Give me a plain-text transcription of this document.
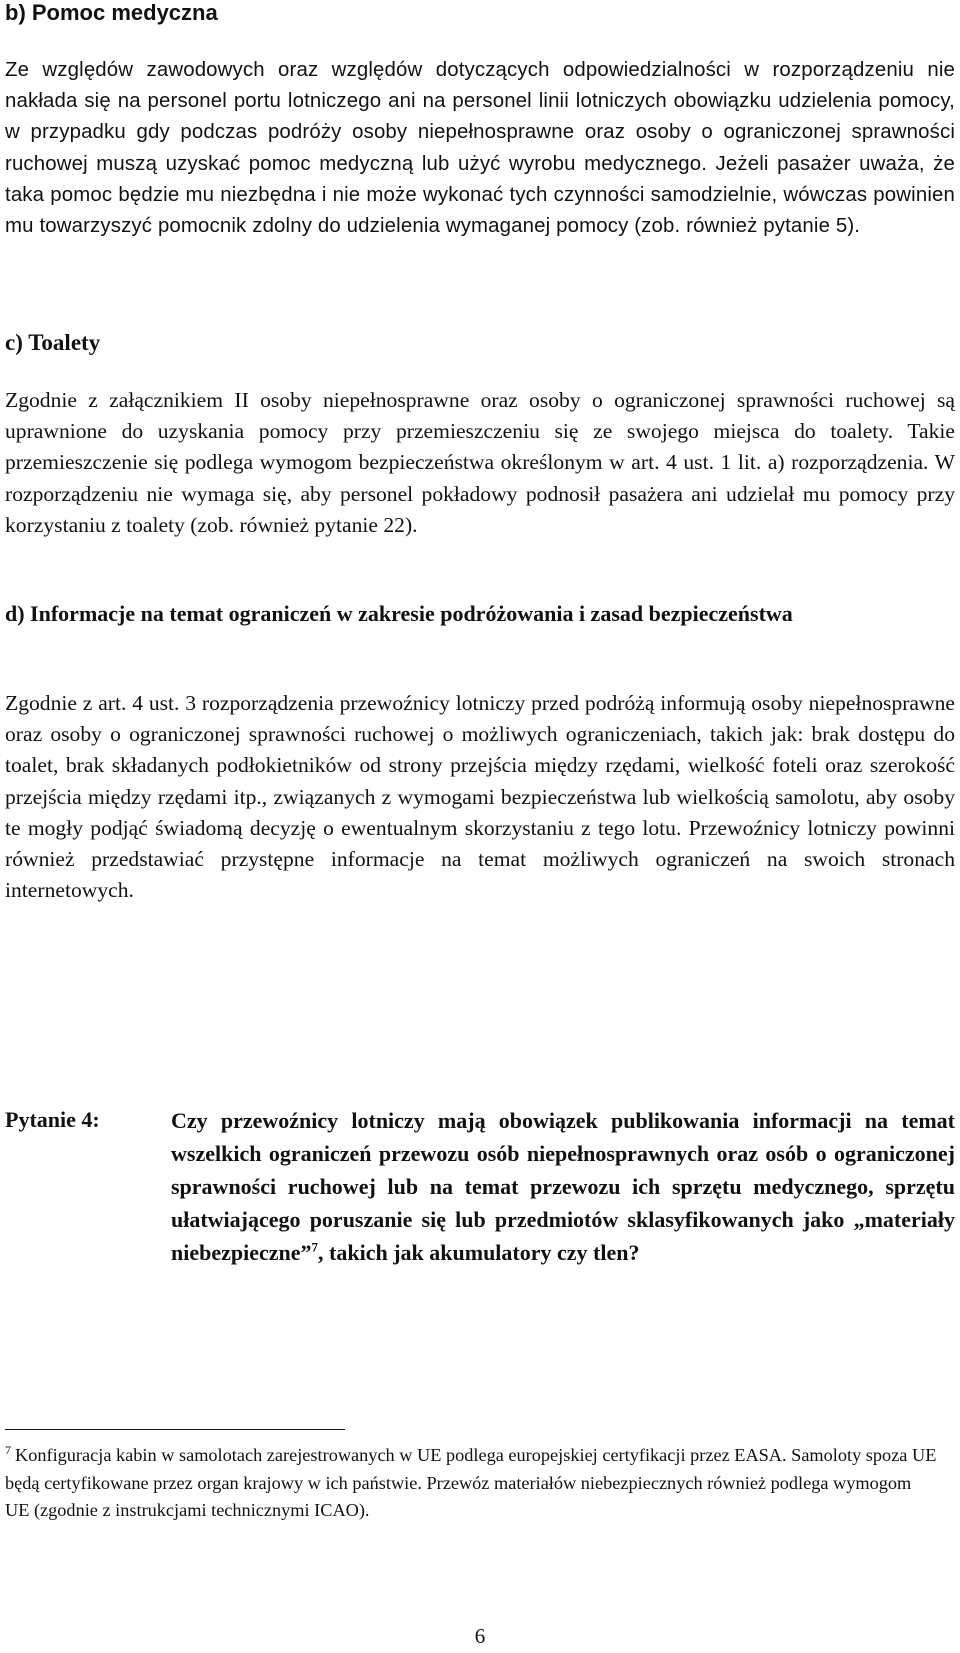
b) Pomoc medyczna

Ze względów zawodowych oraz względów dotyczących odpowiedzialności w rozporządzeniu nie nakłada się na personel portu lotniczego ani na personel linii lotniczych obowiązku udzielenia pomocy, w przypadku gdy podczas podróży osoby niepełnosprawne oraz osoby o ograniczonej sprawności ruchowej muszą uzyskać pomoc medyczną lub użyć wyrobu medycznego. Jeżeli pasażer uważa, że taka pomoc będzie mu niezbędna i nie może wykonać tych czynności samodzielnie, wówczas powinien mu towarzyszyć pomocnik zdolny do udzielenia wymaganej pomocy (zob. również pytanie 5).

c) Toalety

Zgodnie z załącznikiem II osoby niepełnosprawne oraz osoby o ograniczonej sprawności ruchowej są uprawnione do uzyskania pomocy przy przemieszczeniu się ze swojego miejsca do toalety. Takie przemieszczenie się podlega wymogom bezpieczeństwa określonym w art. 4 ust. 1 lit. a) rozporządzenia. W rozporządzeniu nie wymaga się, aby personel pokładowy podnosił pasażera ani udzielał mu pomocy przy korzystaniu z toalety (zob. również pytanie 22).

d) Informacje na temat ograniczeń w zakresie podróżowania i zasad bezpieczeństwa

Zgodnie z art. 4 ust. 3 rozporządzenia przewoźnicy lotniczy przed podróżą informują osoby niepełnosprawne oraz osoby o ograniczonej sprawności ruchowej o możliwych ograniczeniach, takich jak: brak dostępu do toalet, brak składanych podłokietników od strony przejścia między rzędami, wielkość foteli oraz szerokość przejścia między rzędami itp., związanych z wymogami bezpieczeństwa lub wielkością samolotu, aby osoby te mogły podjąć świadomą decyzję o ewentualnym skorzystaniu z tego lotu. Przewoźnicy lotniczy powinni również przedstawiać przystępne informacje na temat możliwych ograniczeń na swoich stronach internetowych.

Pytanie 4:	Czy przewoźnicy lotniczy mają obowiązek publikowania informacji na temat wszelkich ograniczeń przewozu osób niepełnosprawnych oraz osób o ograniczonej sprawności ruchowej lub na temat przewozu ich sprzętu medycznego, sprzętu ułatwiającego poruszanie się lub przedmiotów sklasyfikowanych jako „materiały niebezpieczne”$^7$, takich jak akumulatory czy tlen?

$^7$ Konfiguracja kabin w samolotach zarejestrowanych w UE podlega europejskiej certyfikacji przez EASA. Samoloty spoza UE będą certyfikowane przez organ krajowy w ich państwie. Przewóz materiałów niebezpiecznych również podlega wymogom UE (zgodnie z instrukcjami technicznymi ICAO).

6
